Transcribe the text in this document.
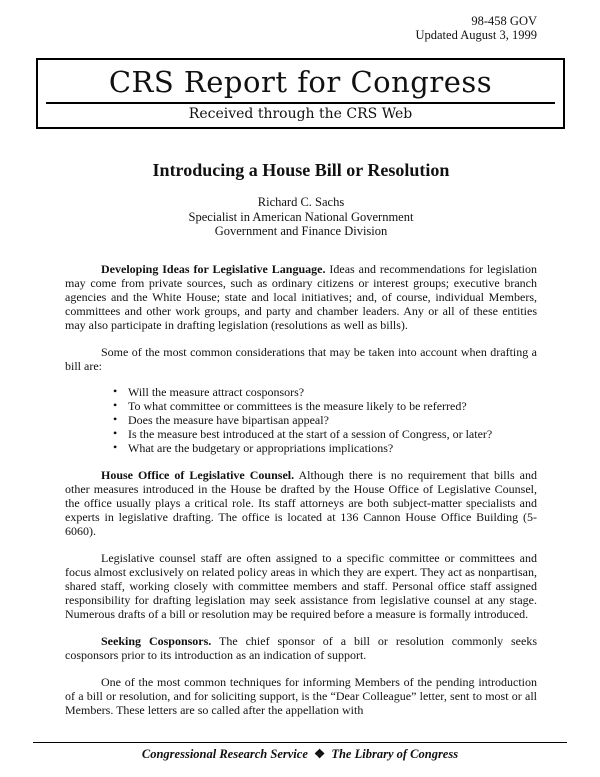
98-458 GOV
Updated August 3, 1999
CRS Report for Congress
Received through the CRS Web
Introducing a House Bill or Resolution
Richard C. Sachs
Specialist in American National Government
Government and Finance Division

Developing Ideas for Legislative Language. Ideas and recommendations for legislation may come from private sources, such as ordinary citizens or interest groups; executive branch agencies and the White House; state and local initiatives; and, of course, individual Members, committees and other work groups, and party and chamber leaders. Any or all of these entities may also participate in drafting legislation (resolutions as well as bills).

Some of the most common considerations that may be taken into account when drafting a bill are:

• Will the measure attract cosponsors?
• To what committee or committees is the measure likely to be referred?
• Does the measure have bipartisan appeal?
• Is the measure best introduced at the start of a session of Congress, or later?
• What are the budgetary or appropriations implications?

House Office of Legislative Counsel. Although there is no requirement that bills and other measures introduced in the House be drafted by the House Office of Legislative Counsel, the office usually plays a critical role. Its staff attorneys are both subject-matter specialists and experts in legislative drafting. The office is located at 136 Cannon House Office Building (5-6060).

Legislative counsel staff are often assigned to a specific committee or committees and focus almost exclusively on related policy areas in which they are expert. They act as nonpartisan, shared staff, working closely with committee members and staff. Personal office staff assigned responsibility for drafting legislation may seek assistance from legislative counsel at any stage. Numerous drafts of a bill or resolution may be required before a measure is formally introduced.

Seeking Cosponsors. The chief sponsor of a bill or resolution commonly seeks cosponsors prior to its introduction as an indication of support.

One of the most common techniques for informing Members of the pending introduction of a bill or resolution, and for soliciting support, is the “Dear Colleague” letter, sent to most or all Members. These letters are so called after the appellation with

Congressional Research Service ❖ The Library of Congress
